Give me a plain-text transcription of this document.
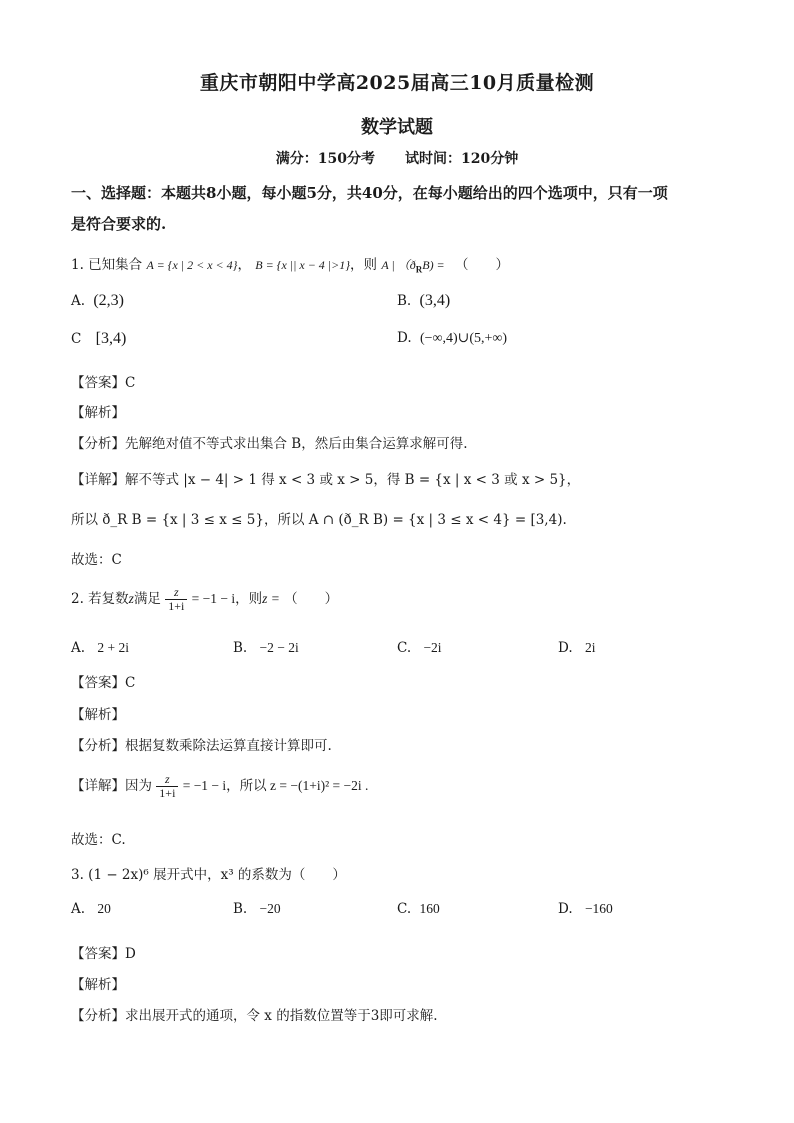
重庆市朝阳中学高2025届高三10月质量检测
数学试题
满分：150分考 试时间：120分钟
一、选择题：本题共8小题，每小题5分，共40分，在每小题给出的四个选项中，只有一项
是符合要求的.
1. 已知集合 A = {x | 2 < x < 4}， B = {x || x − 4 |>1}，则 A | $(ð_RB)$ = （　　）
A. (2,3)	B. (3,4)
C [3,4)	D. (−∞,4)∪(5,+∞)
【答案】C
【解析】
【分析】先解绝对值不等式求出集合 B，然后由集合运算求解可得.
【详解】解不等式 |x − 4| > 1 得 x < 3 或 x > 5，得 B = {x | x < 3 或 x > 5}，
所以 ð_R B = {x | 3 ≤ x ≤ 5}，所以 A ∩ (ð_R B) = {x | 3 ≤ x < 4} = [3,4).
故选：C
2. 若复数z满足 $\frac{z}{1+i} = -1 - i$，则z = （　　）
A. 2 + 2i	B. −2 − 2i	C. −2i	D. 2i
【答案】C
【解析】
【分析】根据复数乘除法运算直接计算即可.
【详解】因为 $\frac{z}{1+i} = -1 - i$，所以 z = −(1+i)² = −2i .
故选：C.
3. (1 − 2x)⁶ 展开式中，x³ 的系数为（　　）
A. 20	B. −20	C. 160	D. −160
【答案】D
【解析】
【分析】求出展开式的通项，令 x 的指数位置等于3即可求解.
